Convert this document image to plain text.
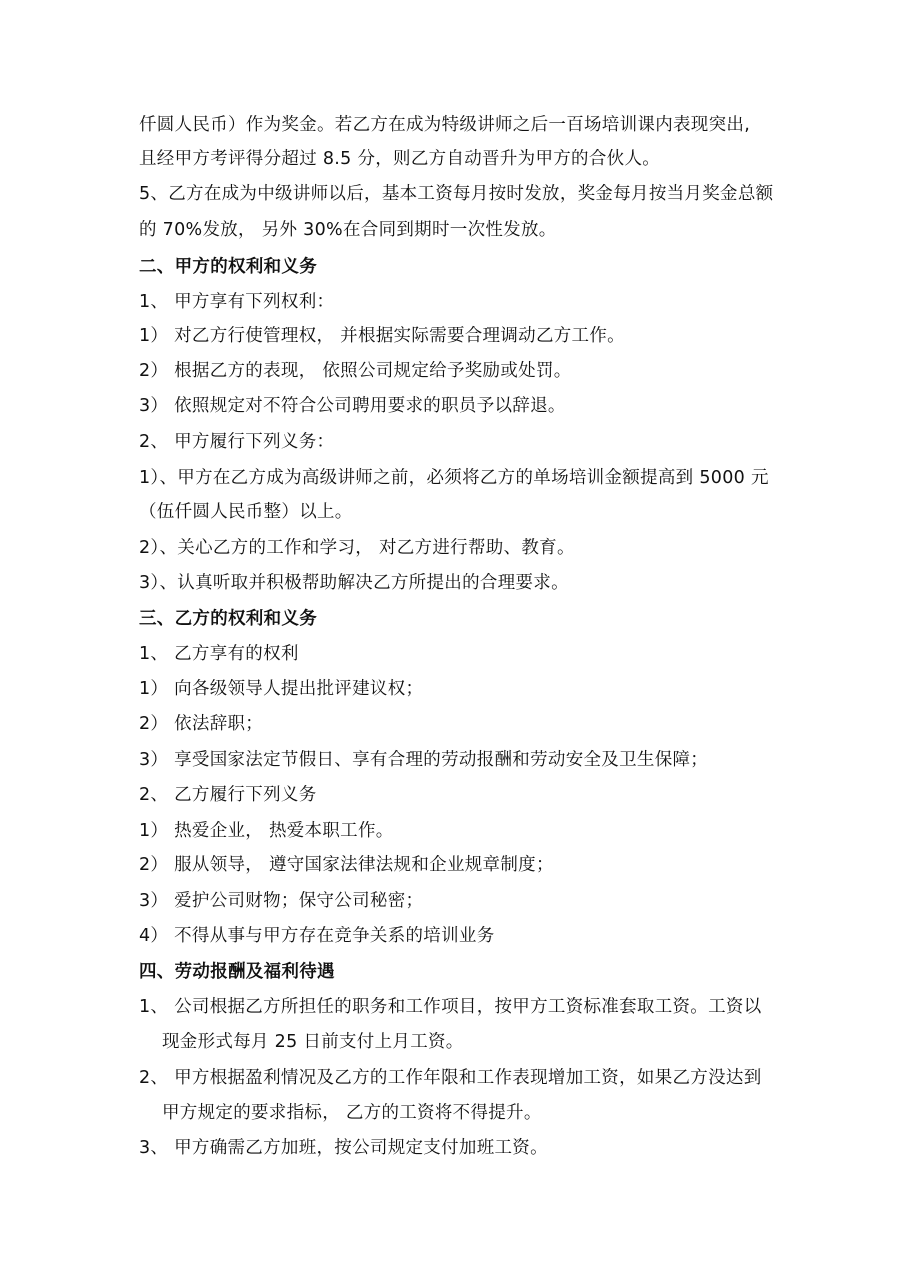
仟圆人民币）作为奖金。若乙方在成为特级讲师之后一百场培训课内表现突出,
且经甲方考评得分超过 8.5 分，则乙方自动晋升为甲方的合伙人。
5、乙方在成为中级讲师以后，基本工资每月按时发放，奖金每月按当月奖金总额
的 70%发放， 另外 30%在合同到期时一次性发放。
二、甲方的权利和义务
1、 甲方享有下列权利：
1） 对乙方行使管理权， 并根据实际需要合理调动乙方工作。
2） 根据乙方的表现， 依照公司规定给予奖励或处罚。
3） 依照规定对不符合公司聘用要求的职员予以辞退。
2、 甲方履行下列义务：
1）、甲方在乙方成为高级讲师之前，必须将乙方的单场培训金额提高到 5000 元
（伍仟圆人民币整）以上。
2）、关心乙方的工作和学习， 对乙方进行帮助、教育。
3）、认真听取并积极帮助解决乙方所提出的合理要求。
三、乙方的权利和义务
1、 乙方享有的权利
1） 向各级领导人提出批评建议权；
2） 依法辞职；
3） 享受国家法定节假日、享有合理的劳动报酬和劳动安全及卫生保障；
2、 乙方履行下列义务
1） 热爱企业， 热爱本职工作。
2） 服从领导， 遵守国家法律法规和企业规章制度；
3） 爱护公司财物；保守公司秘密；
4） 不得从事与甲方存在竞争关系的培训业务
四、劳动报酬及福利待遇
1、 公司根据乙方所担任的职务和工作项目，按甲方工资标准套取工资。工资以
现金形式每月 25 日前支付上月工资。
2、 甲方根据盈利情况及乙方的工作年限和工作表现增加工资，如果乙方没达到
甲方规定的要求指标， 乙方的工资将不得提升。
3、 甲方确需乙方加班，按公司规定支付加班工资。
